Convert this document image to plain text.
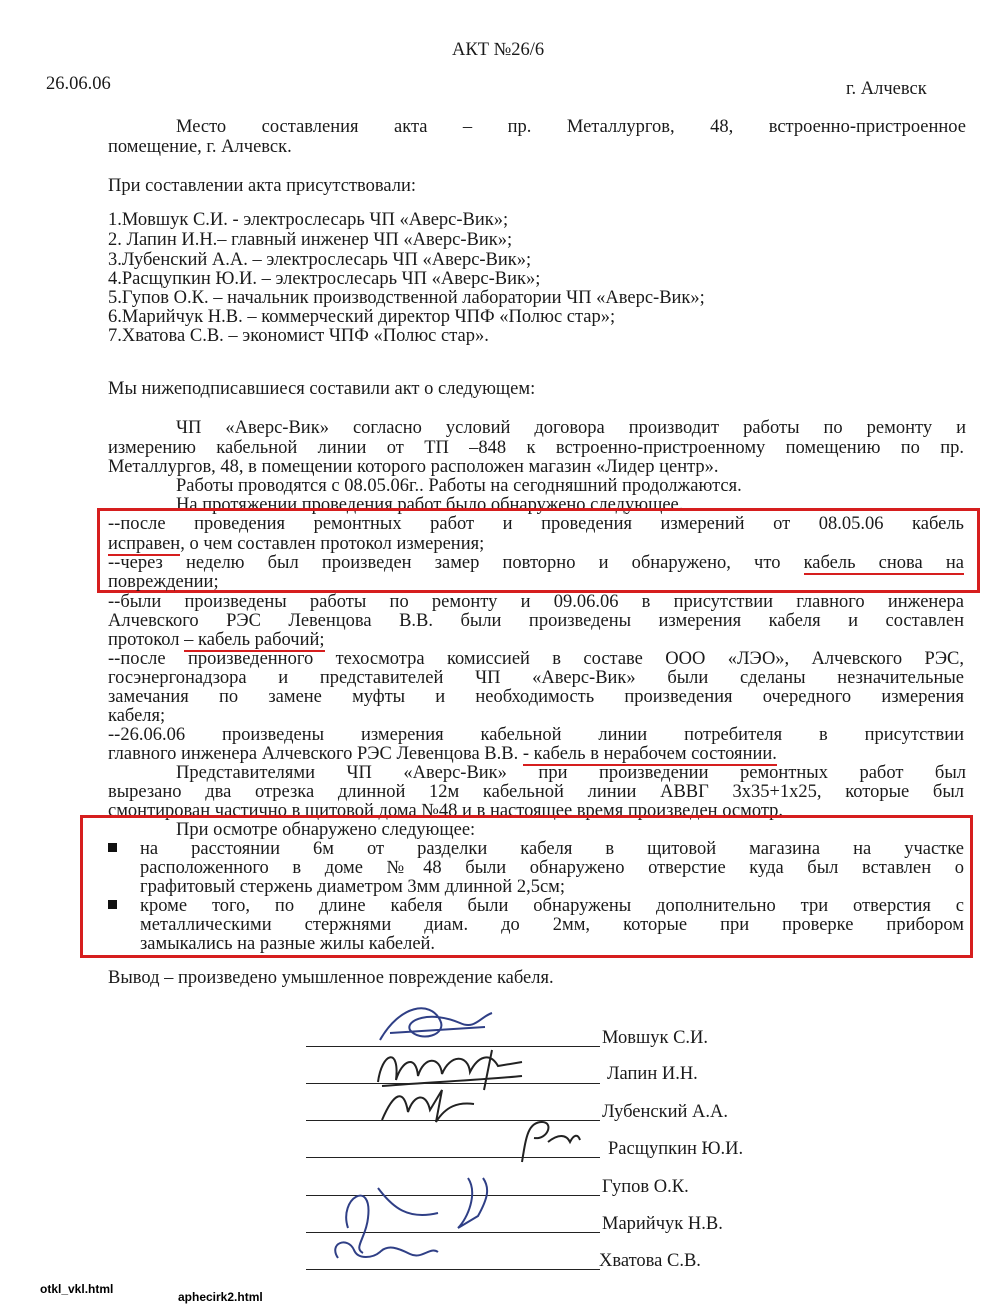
АКТ №26/6
26.06.06	г. Алчевск
Место составления акта – пр. Металлургов, 48, встроенно-пристроенное
помещение, г. Алчевск.
При составлении акта присутствовали:
1.Мовшук С.И. - электрослесарь ЧП «Аверс-Вик»;
2. Лапин И.Н.– главный инженер ЧП «Аверс-Вик»;
3.Лубенский А.А. – электрослесарь ЧП «Аверс-Вик»;
4.Расщупкин Ю.И. – электрослесарь ЧП «Аверс-Вик»;
5.Гупов О.К. – начальник производственной лаборатории ЧП «Аверс-Вик»;
6.Марийчук Н.В. – коммерческий директор ЧПФ «Полюс стар»;
7.Хватова С.В. – экономист ЧПФ «Полюс стар».
Мы нижеподписавшиеся составили акт о следующем:
ЧП «Аверс-Вик» согласно условий договора производит работы по ремонту и
измерению кабельной линии от ТП –848 к встроенно-пристроенному помещению по пр.
Металлургов, 48, в помещении которого расположен магазин «Лидер центр».
Работы проводятся с 08.05.06г.. Работы на сегодняшний продолжаются.
На протяжении проведения работ было обнаружено следующее.
--после проведения ремонтных работ и проведения измерений от 08.05.06 кабель
исправен, о чем составлен протокол измерения;
--через неделю был произведен замер повторно и обнаружено, что кабель снова на
повреждении;
--были произведены работы по ремонту и 09.06.06 в присутствии главного инженера
Алчевского РЭС Левенцова В.В. были произведены измерения кабеля и составлен
протокол – кабель рабочий;
--после произведенного техосмотра комиссией в составе ООО «ЛЭО», Алчевского РЭС,
госэнергонадзора и представителей ЧП «Аверс-Вик» были сделаны незначительные
замечания по замене муфты и необходимость произведения очередного измерения
кабеля;
--26.06.06 произведены измерения кабельной линии потребителя в присутствии
главного инженера Алчевского РЭС Левенцова В.В. - кабель в нерабочем состоянии.
Представителями ЧП «Аверс-Вик» при произведении ремонтных работ был
вырезано два отрезка длинной 12м кабельной линии АВВГ 3х35+1х25, которые был
смонтирован частично в щитовой дома №48 и в настоящее время произведен осмотр.
При осмотре обнаружено следующее:
на расстоянии 6м от разделки кабеля в щитовой магазина на участке
расположенного в доме №48 были обнаружено отверстие куда был вставлен о
графитовый стержень диаметром 3мм длинной 2,5см;
кроме того, по длине кабеля были обнаружены дополнительно три отверстия с
металлическими стержнями диам. до 2мм, которые при проверке прибором
замыкались на разные жилы кабелей.
Вывод – произведено умышленное повреждение кабеля.
Мовшук С.И.
Лапин И.Н.
Лубенский А.А.
Расщупкин Ю.И.
Гупов О.К.
Марийчук Н.В.
Хватова С.В.
otkl_vkl.html
aphecirk2.html
